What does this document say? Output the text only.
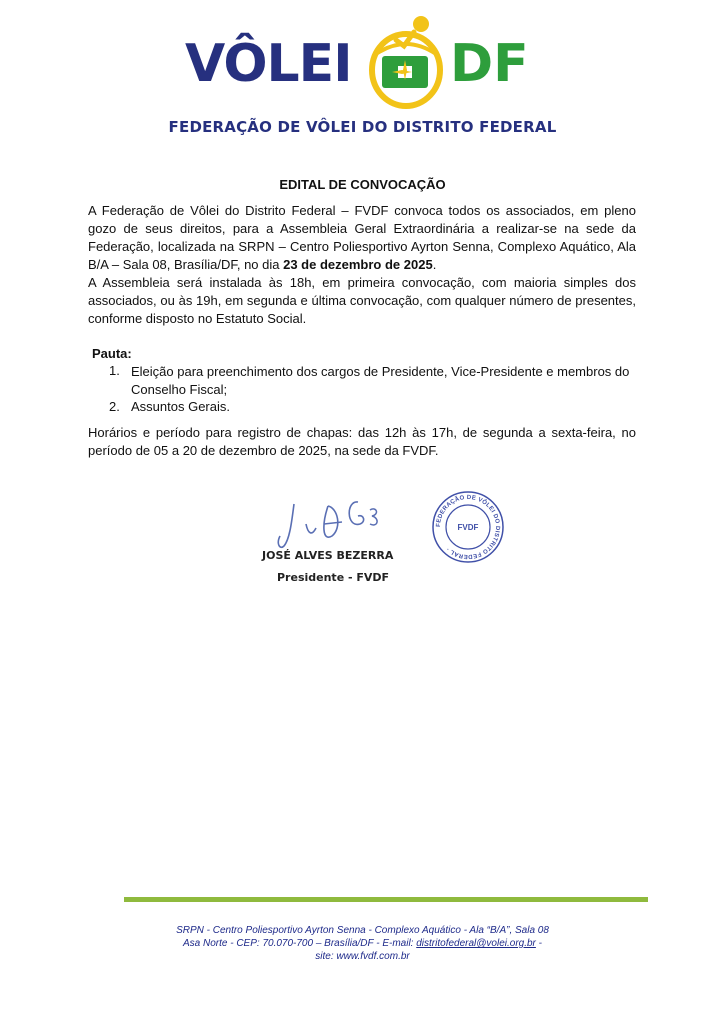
VÔLEI DF
FEDERAÇÃO DE VÔLEI DO DISTRITO FEDERAL
EDITAL DE CONVOCAÇÃO
A Federação de Vôlei do Distrito Federal – FVDF convoca todos os associados, em pleno gozo de seus direitos, para a Assembleia Geral Extraordinária a realizar-se na sede da Federação, localizada na SRPN – Centro Poliesportivo Ayrton Senna, Complexo Aquático, Ala B/A – Sala 08, Brasília/DF, no dia 23 de dezembro de 2025.
A Assembleia será instalada às 18h, em primeira convocação, com maioria simples dos associados, ou às 19h, em segunda e última convocação, com qualquer número de presentes, conforme disposto no Estatuto Social.
Pauta:
1. Eleição para preenchimento dos cargos de Presidente, Vice-Presidente e membros do Conselho Fiscal;
2. Assuntos Gerais.
Horários e período para registro de chapas: das 12h às 17h, de segunda a sexta-feira, no período de 05 a 20 de dezembro de 2025, na sede da FVDF.
JOSÉ ALVES BEZERRA
Presidente - FVDF
FEDERAÇÃO DE VÔLEI DO DISTRITO FEDERAL ·
FVDF
SRPN - Centro Poliesportivo Ayrton Senna - Complexo Aquático - Ala “B/A”, Sala 08
Asa Norte - CEP: 70.070-700 – Brasília/DF - E-mail: distritofederal@volei.org.br -
site: www.fvdf.com.br
